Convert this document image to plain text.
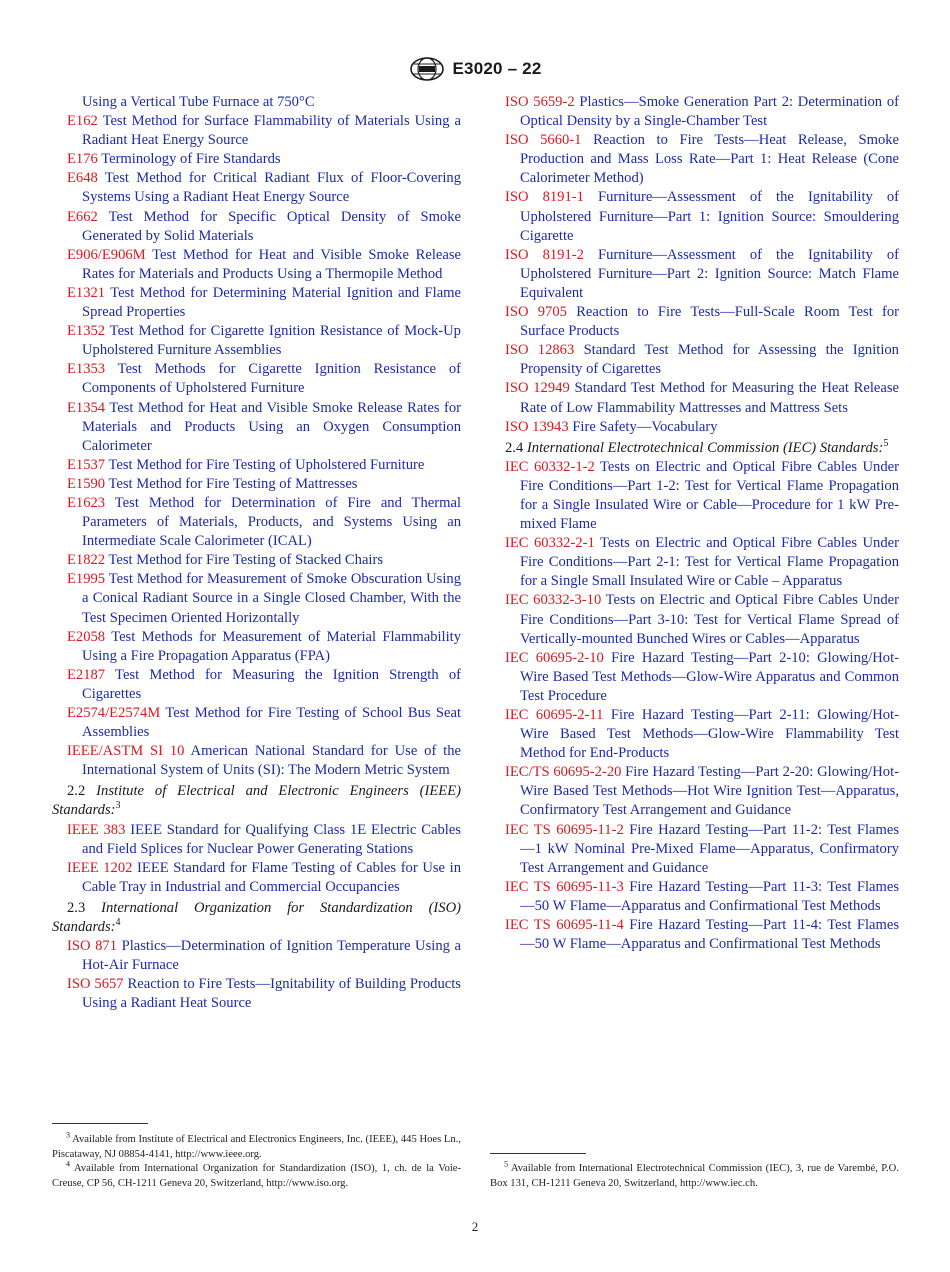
E3020 – 22

Using a Vertical Tube Furnace at 750°C

E162 Test Method for Surface Flammability of Materials Using a Radiant Heat Energy Source

E176 Terminology of Fire Standards

E648 Test Method for Critical Radiant Flux of Floor-Covering Systems Using a Radiant Heat Energy Source

E662 Test Method for Specific Optical Density of Smoke Generated by Solid Materials

E906/E906M Test Method for Heat and Visible Smoke Release Rates for Materials and Products Using a Thermopile Method

E1321 Test Method for Determining Material Ignition and Flame Spread Properties

E1352 Test Method for Cigarette Ignition Resistance of Mock-Up Upholstered Furniture Assemblies

E1353 Test Methods for Cigarette Ignition Resistance of Components of Upholstered Furniture

E1354 Test Method for Heat and Visible Smoke Release Rates for Materials and Products Using an Oxygen Consumption Calorimeter

E1537 Test Method for Fire Testing of Upholstered Furniture

E1590 Test Method for Fire Testing of Mattresses

E1623 Test Method for Determination of Fire and Thermal Parameters of Materials, Products, and Systems Using an Intermediate Scale Calorimeter (ICAL)

E1822 Test Method for Fire Testing of Stacked Chairs

E1995 Test Method for Measurement of Smoke Obscuration Using a Conical Radiant Source in a Single Closed Chamber, With the Test Specimen Oriented Horizontally

E2058 Test Methods for Measurement of Material Flammability Using a Fire Propagation Apparatus (FPA)

E2187 Test Method for Measuring the Ignition Strength of Cigarettes

E2574/E2574M Test Method for Fire Testing of School Bus Seat Assemblies

IEEE/ASTM SI 10 American National Standard for Use of the International System of Units (SI): The Modern Metric System

2.2 Institute of Electrical and Electronic Engineers (IEEE) Standards:$^3$

IEEE 383 IEEE Standard for Qualifying Class 1E Electric Cables and Field Splices for Nuclear Power Generating Stations

IEEE 1202 IEEE Standard for Flame Testing of Cables for Use in Cable Tray in Industrial and Commercial Occupancies

2.3 International Organization for Standardization (ISO) Standards:$^4$

ISO 871 Plastics—Determination of Ignition Temperature Using a Hot-Air Furnace

ISO 5657 Reaction to Fire Tests—Ignitability of Building Products Using a Radiant Heat Source

ISO 5659-2 Plastics—Smoke Generation Part 2: Determination of Optical Density by a Single-Chamber Test

ISO 5660-1 Reaction to Fire Tests—Heat Release, Smoke Production and Mass Loss Rate—Part 1: Heat Release (Cone Calorimeter Method)

ISO 8191-1 Furniture—Assessment of the Ignitability of Upholstered Furniture—Part 1: Ignition Source: Smouldering Cigarette

ISO 8191-2 Furniture—Assessment of the Ignitability of Upholstered Furniture—Part 2: Ignition Source: Match Flame Equivalent

ISO 9705 Reaction to Fire Tests—Full-Scale Room Test for Surface Products

ISO 12863 Standard Test Method for Assessing the Ignition Propensity of Cigarettes

ISO 12949 Standard Test Method for Measuring the Heat Release Rate of Low Flammability Mattresses and Mattress Sets

ISO 13943 Fire Safety—Vocabulary

2.4 International Electrotechnical Commission (IEC) Standards:$^5$

IEC 60332-1-2 Tests on Electric and Optical Fibre Cables Under Fire Conditions—Part 1-2: Test for Vertical Flame Propagation for a Single Insulated Wire or Cable—Procedure for 1 kW Pre-mixed Flame

IEC 60332-2-1 Tests on Electric and Optical Fibre Cables Under Fire Conditions—Part 2-1: Test for Vertical Flame Propagation for a Single Small Insulated Wire or Cable – Apparatus

IEC 60332-3-10 Tests on Electric and Optical Fibre Cables Under Fire Conditions—Part 3-10: Test for Vertical Flame Spread of Vertically-mounted Bunched Wires or Cables—Apparatus

IEC 60695-2-10 Fire Hazard Testing—Part 2-10: Glowing/Hot-Wire Based Test Methods—Glow-Wire Apparatus and Common Test Procedure

IEC 60695-2-11 Fire Hazard Testing—Part 2-11: Glowing/Hot-Wire Based Test Methods—Glow-Wire Flammability Test Method for End-Products

IEC/TS 60695-2-20 Fire Hazard Testing—Part 2-20: Glowing/Hot-Wire Based Test Methods—Hot Wire Ignition Test—Apparatus, Confirmatory Test Arrangement and Guidance

IEC TS 60695-11-2 Fire Hazard Testing—Part 11-2: Test Flames—1 kW Nominal Pre-Mixed Flame—Apparatus, Confirmatory Test Arrangement and Guidance

IEC TS 60695-11-3 Fire Hazard Testing—Part 11-3: Test Flames—50 W Flame—Apparatus and Confirmational Test Methods

IEC TS 60695-11-4 Fire Hazard Testing—Part 11-4: Test Flames—50 W Flame—Apparatus and Confirmational Test Methods

$^3$ Available from Institute of Electrical and Electronics Engineers, Inc. (IEEE), 445 Hoes Ln., Piscataway, NJ 08854-4141, http://www.ieee.org.

$^4$ Available from International Organization for Standardization (ISO), 1, ch. de la Voie-Creuse, CP 56, CH-1211 Geneva 20, Switzerland, http://www.iso.org.

$^5$ Available from International Electrotechnical Commission (IEC), 3, rue de Varembé, P.O. Box 131, CH-1211 Geneva 20, Switzerland, http://www.iec.ch.

2
